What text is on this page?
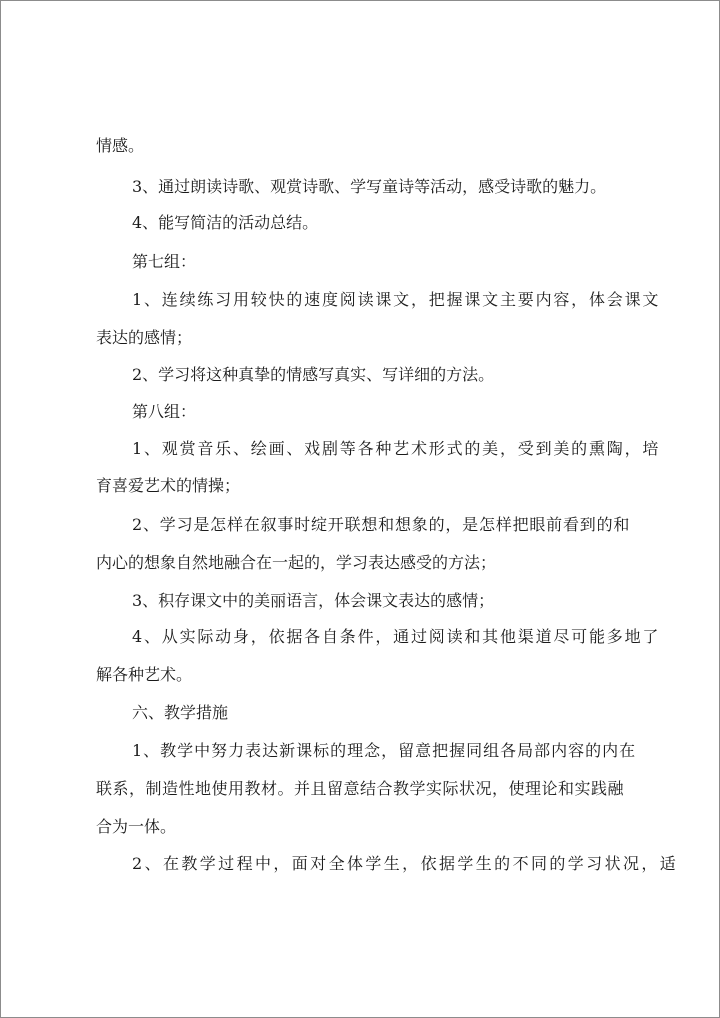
情感。

3、通过朗读诗歌、观赏诗歌、学写童诗等活动，感受诗歌的魅力。

4、能写简洁的活动总结。

第七组：

1、连续练习用较快的速度阅读课文，把握课文主要内容，体会课文

表达的感情；

2、学习将这种真挚的情感写真实、写详细的方法。

第八组：

1、观赏音乐、绘画、戏剧等各种艺术形式的美，受到美的熏陶，培

育喜爱艺术的情操；

2、学习是怎样在叙事时绽开联想和想象的，是怎样把眼前看到的和

内心的想象自然地融合在一起的，学习表达感受的方法；

3、积存课文中的美丽语言，体会课文表达的感情；

4、从实际动身，依据各自条件，通过阅读和其他渠道尽可能多地了

解各种艺术。

六、教学措施

1、教学中努力表达新课标的理念，留意把握同组各局部内容的内在

联系，制造性地使用教材。并且留意结合教学实际状况，使理论和实践融

合为一体。

2、在教学过程中，面对全体学生，依据学生的不同的学习状况，适
